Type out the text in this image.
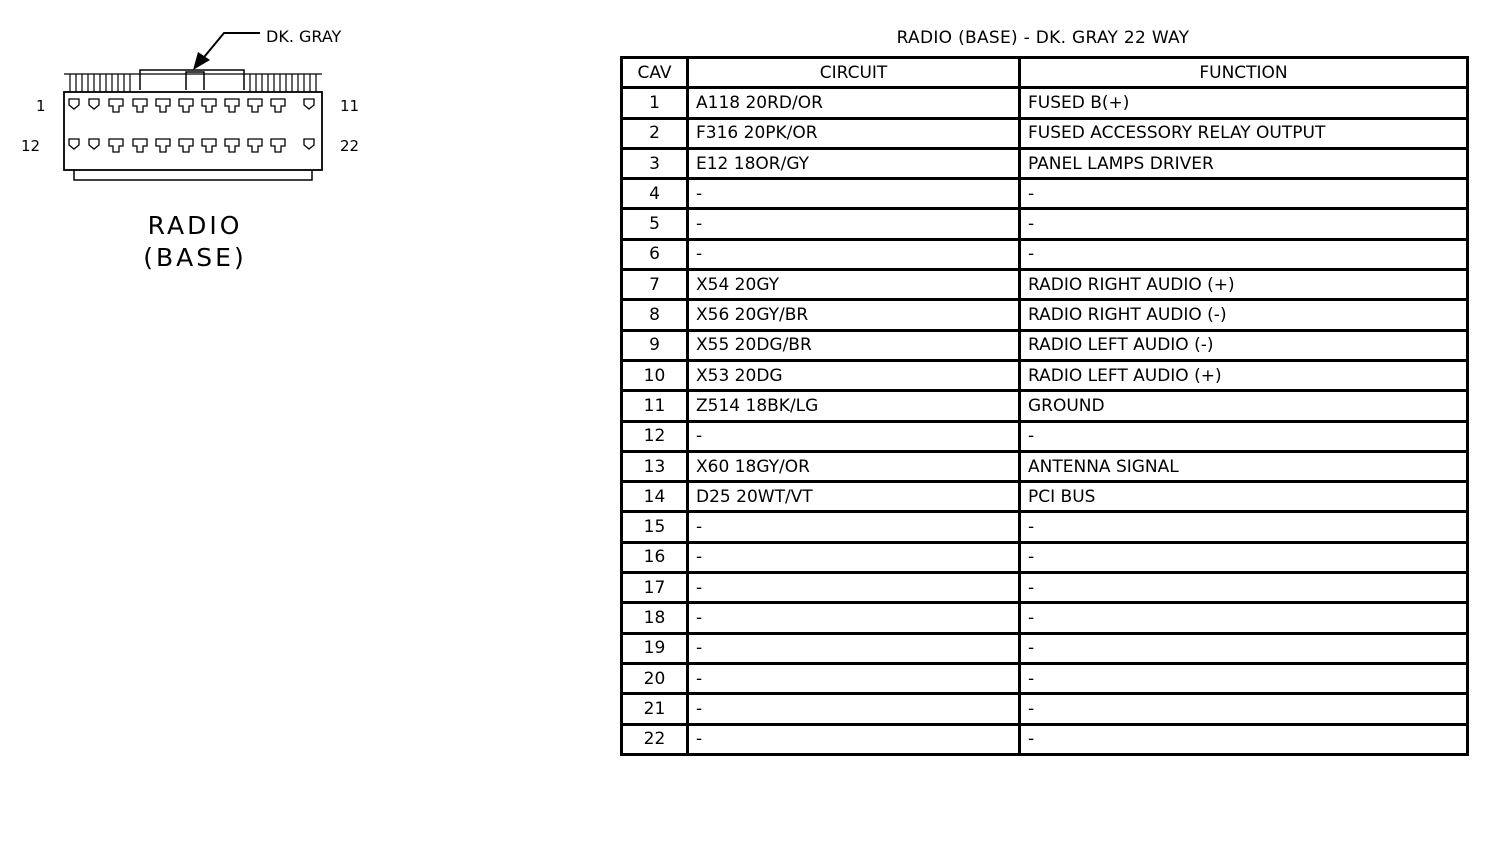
DK. GRAY
1	11
12	22
RADIO
(BASE)
RADIO (BASE) - DK. GRAY 22 WAY
CAV	CIRCUIT	FUNCTION
1	A118 20RD/OR	FUSED B(+)
2	F316 20PK/OR	FUSED ACCESSORY RELAY OUTPUT
3	E12 18OR/GY	PANEL LAMPS DRIVER
4	-	-
5	-	-
6	-	-
7	X54 20GY	RADIO RIGHT AUDIO (+)
8	X56 20GY/BR	RADIO RIGHT AUDIO (-)
9	X55 20DG/BR	RADIO LEFT AUDIO (-)
10	X53 20DG	RADIO LEFT AUDIO (+)
11	Z514 18BK/LG	GROUND
12	-	-
13	X60 18GY/OR	ANTENNA SIGNAL
14	D25 20WT/VT	PCI BUS
15	-	-
16	-	-
17	-	-
18	-	-
19	-	-
20	-	-
21	-	-
22	-	-
